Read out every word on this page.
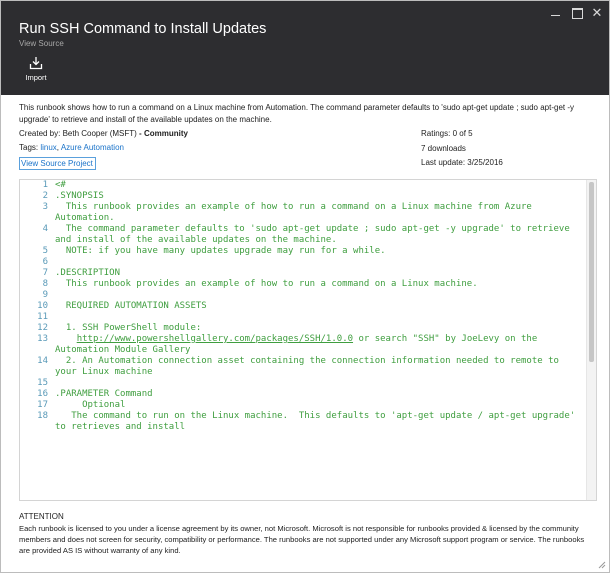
Run SSH Command to Install Updates
View Source
✕
Import
This runbook shows how to run a command on a Linux machine from Automation. The command parameter defaults to 'sudo apt-get update ; sudo apt-get -y upgrade' to retrieve and install of the available updates on the machine.
Created by: Beth Cooper (MSFT) - Community
Tags: linux, Azure Automation
View Source Project
Ratings: 0 of 5
7 downloads
Last update: 3/25/2016
1 <#
2 .SYNOPSIS
3 This runbook provides an example of how to run a command on a Linux machine from Azure Automation.
4 The command parameter defaults to 'sudo apt-get update ; sudo apt-get -y upgrade' to retrieve and install of the available updates on the machine.
5 NOTE: if you have many updates upgrade may run for a while.
6

7 .DESCRIPTION
8 This runbook provides an example of how to run a command on a Linux machine.
9

10 REQUIRED AUTOMATION ASSETS
11

12 1. SSH PowerShell module:
13	http://www.powershellgallery.com/packages/SSH/1.0.0 or search "SSH" by JoeLevy on the Automation Module Gallery
14 2. An Automation connection asset containing the connection information needed to remote to your Linux machine
15

16 .PARAMETER Command
17 Optional
18 The command to run on the Linux machine.  This defaults to 'apt-get update / apt-get upgrade' to retrieves and install
ATTENTION
Each runbook is licensed to you under a license agreement by its owner, not Microsoft. Microsoft is not responsible for runbooks provided & licensed by the community members and does not screen for security, compatibility or performance. The runbooks are not supported under any Microsoft support program or service. The runbooks are provided AS IS without warranty of any kind.
